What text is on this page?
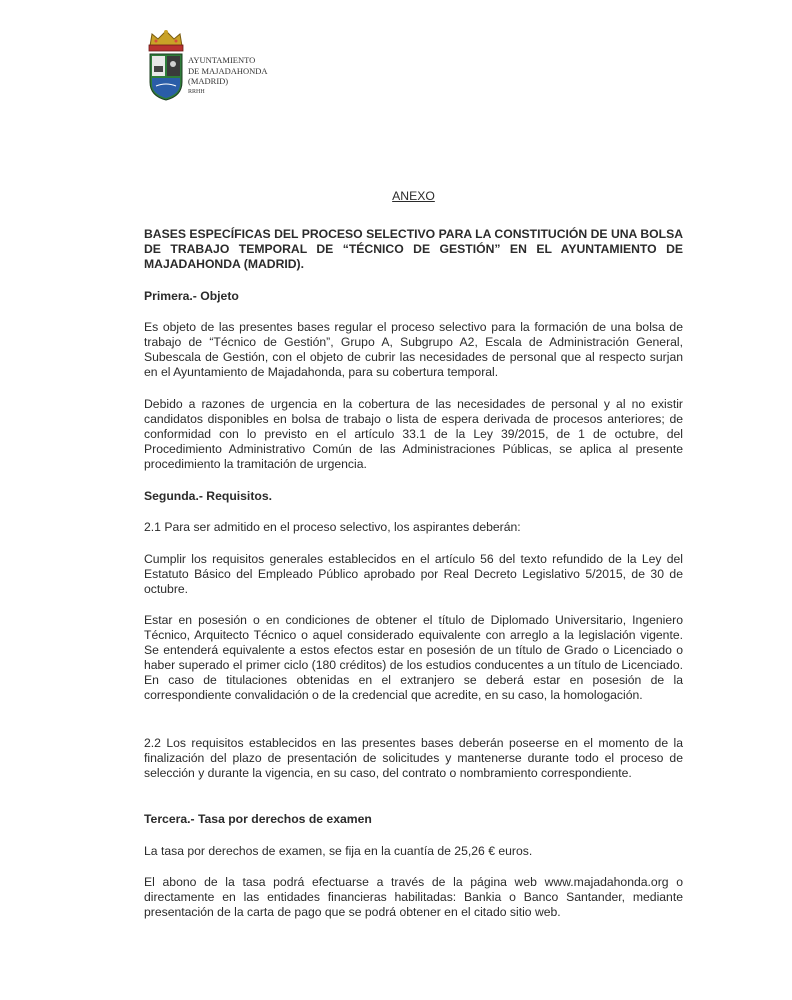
AYUNTAMIENTO
DE MAJADAHONDA
(MADRID)
RRHH
ANEXO

BASES ESPECÍFICAS DEL PROCESO SELECTIVO PARA LA CONSTITUCIÓN DE UNA BOLSA DE TRABAJO TEMPORAL DE “TÉCNICO DE GESTIÓN” EN EL AYUNTAMIENTO DE MAJADAHONDA (MADRID).

Primera.- Objeto

Es objeto de las presentes bases regular el proceso selectivo para la formación de una bolsa de trabajo de “Técnico de Gestión”, Grupo A, Subgrupo A2, Escala de Administración General, Subescala de Gestión, con el objeto de cubrir las necesidades de personal que al respecto surjan en el Ayuntamiento de Majadahonda, para su cobertura temporal.

Debido a razones de urgencia en la cobertura de las necesidades de personal y al no existir candidatos disponibles en bolsa de trabajo o lista de espera derivada de procesos anteriores; de conformidad con lo previsto en el artículo 33.1 de la Ley 39/2015, de 1 de octubre, del Procedimiento Administrativo Común de las Administraciones Públicas, se aplica al presente procedimiento la tramitación de urgencia.

Segunda.- Requisitos.

2.1 Para ser admitido en el proceso selectivo, los aspirantes deberán:

Cumplir los requisitos generales establecidos en el artículo 56 del texto refundido de la Ley del Estatuto Básico del Empleado Público aprobado por Real Decreto Legislativo 5/2015, de 30 de octubre.

Estar en posesión o en condiciones de obtener el título de Diplomado Universitario, Ingeniero Técnico, Arquitecto Técnico o aquel considerado equivalente con arreglo a la legislación vigente. Se entenderá equivalente a estos efectos estar en posesión de un título de Grado o Licenciado o haber superado el primer ciclo (180 créditos) de los estudios conducentes a un título de Licenciado. En caso de titulaciones obtenidas en el extranjero se deberá estar en posesión de la correspondiente convalidación o de la credencial que acredite, en su caso, la homologación.

2.2 Los requisitos establecidos en las presentes bases deberán poseerse en el momento de la finalización del plazo de presentación de solicitudes y mantenerse durante todo el proceso de selección y durante la vigencia, en su caso, del contrato o nombramiento correspondiente.

Tercera.- Tasa por derechos de examen

La tasa por derechos de examen, se fija en la cuantía de 25,26 € euros.

El abono de la tasa podrá efectuarse a través de la página web www.majadahonda.org o directamente en las entidades financieras habilitadas: Bankia o Banco Santander, mediante presentación de la carta de pago que se podrá obtener en el citado sitio web.
